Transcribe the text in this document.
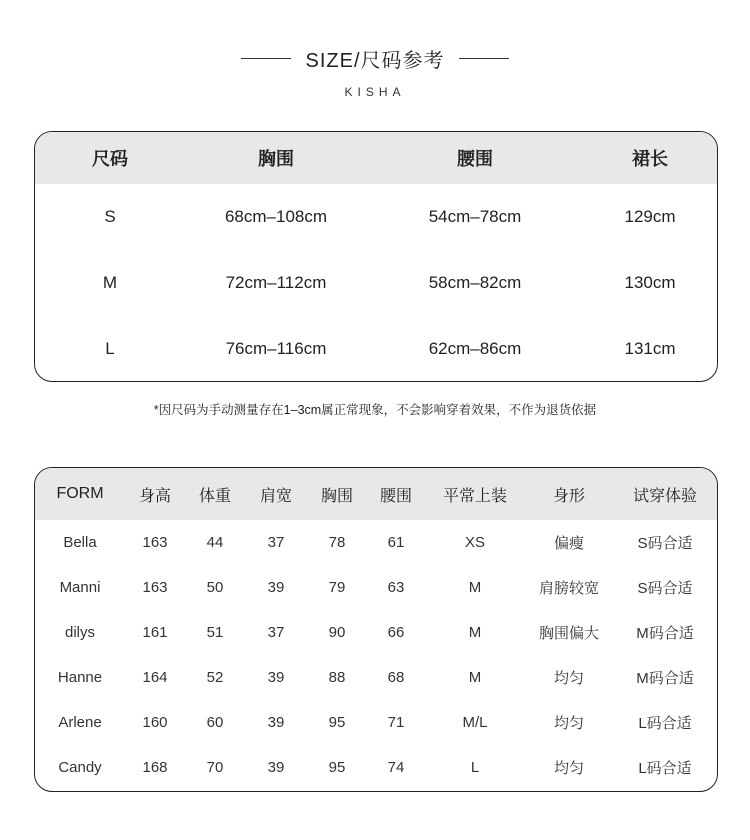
SIZE/尺码参考
KISHA
尺码	胸围	腰围	裙长
S	68cm–108cm	54cm–78cm	129cm
M	72cm–112cm	58cm–82cm	130cm
L	76cm–116cm	62cm–86cm	131cm
*因尺码为手动测量存在1–3cm属正常现象，不会影响穿着效果，不作为退货依据
FORM	身高	体重	肩宽	胸围	腰围	平常上装	身形	试穿体验
Bella	163	44	37	78	61	XS	偏瘦	S码合适
Manni	163	50	39	79	63	M	肩膀较宽	S码合适
dilys	161	51	37	90	66	M	胸围偏大	M码合适
Hanne	164	52	39	88	68	M	均匀	M码合适
Arlene	160	60	39	95	71	M/L	均匀	L码合适
Candy	168	70	39	95	74	L	均匀	L码合适
